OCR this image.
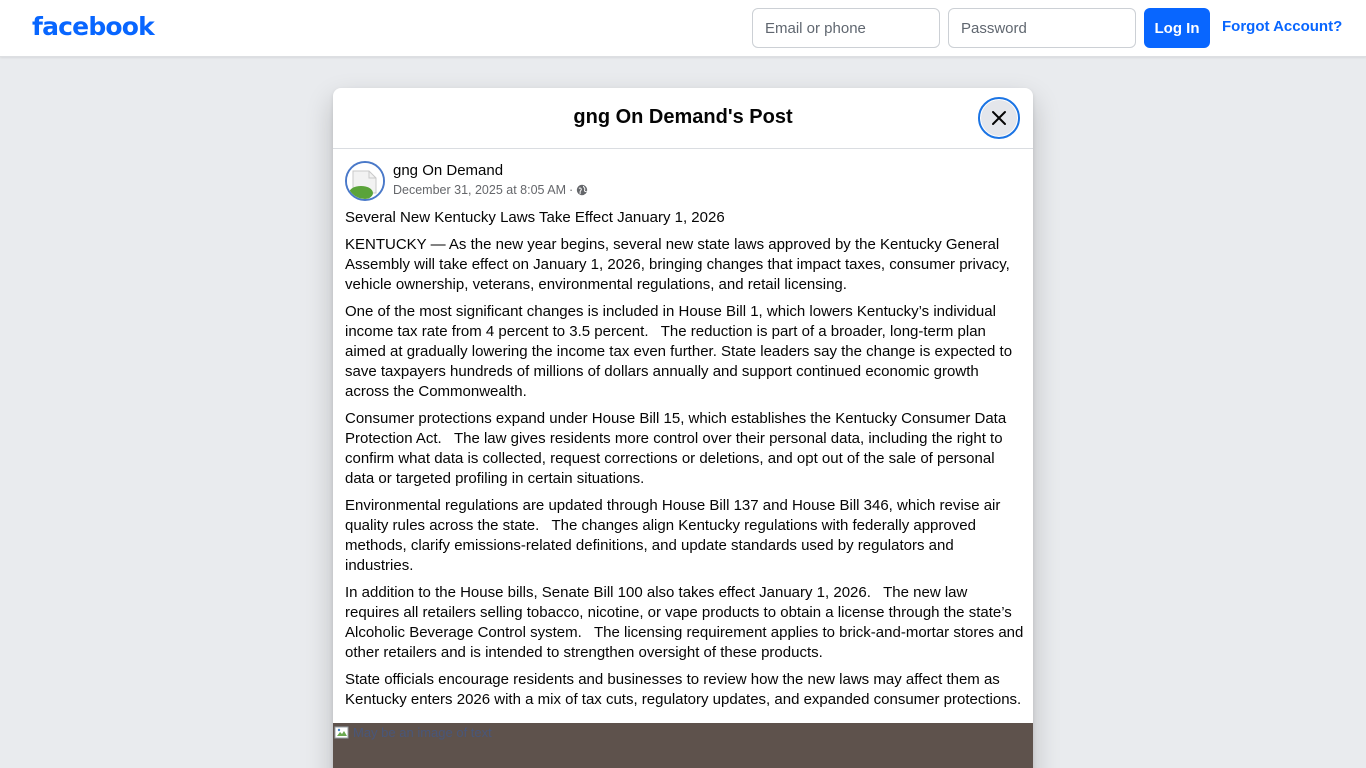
facebook
Email or phone	Log In	Forgot Account?
gng On Demand's Post
gng On Demand
December 31, 2025 at 8:05 AM ·

Several New Kentucky Laws Take Effect January 1, 2026

KENTUCKY — As the new year begins, several new state laws approved by the Kentucky General Assembly will take effect on January 1, 2026, bringing changes that impact taxes, consumer privacy, vehicle ownership, veterans, environmental regulations, and retail licensing.

One of the most significant changes is included in House Bill 1, which lowers Kentucky’s individual income tax rate from 4 percent to 3.5 percent.   The reduction is part of a broader, long-term plan aimed at gradually lowering the income tax even further. State leaders say the change is expected to save taxpayers hundreds of millions of dollars annually and support continued economic growth across the Commonwealth.

Consumer protections expand under House Bill 15, which establishes the Kentucky Consumer Data Protection Act.   The law gives residents more control over their personal data, including the right to confirm what data is collected, request corrections or deletions, and opt out of the sale of personal data or targeted profiling in certain situations.

Environmental regulations are updated through House Bill 137 and House Bill 346, which revise air quality rules across the state.   The changes align Kentucky regulations with federally approved methods, clarify emissions-related definitions, and update standards used by regulators and industries.

In addition to the House bills, Senate Bill 100 also takes effect January 1, 2026.   The new law requires all retailers selling tobacco, nicotine, or vape products to obtain a license through the state’s Alcoholic Beverage Control system.   The licensing requirement applies to brick-and-mortar stores and other retailers and is intended to strengthen oversight of these products.

State officials encourage residents and businesses to review how the new laws may affect them as Kentucky enters 2026 with a mix of tax cuts, regulatory updates, and expanded consumer protections.

May be an image of text
